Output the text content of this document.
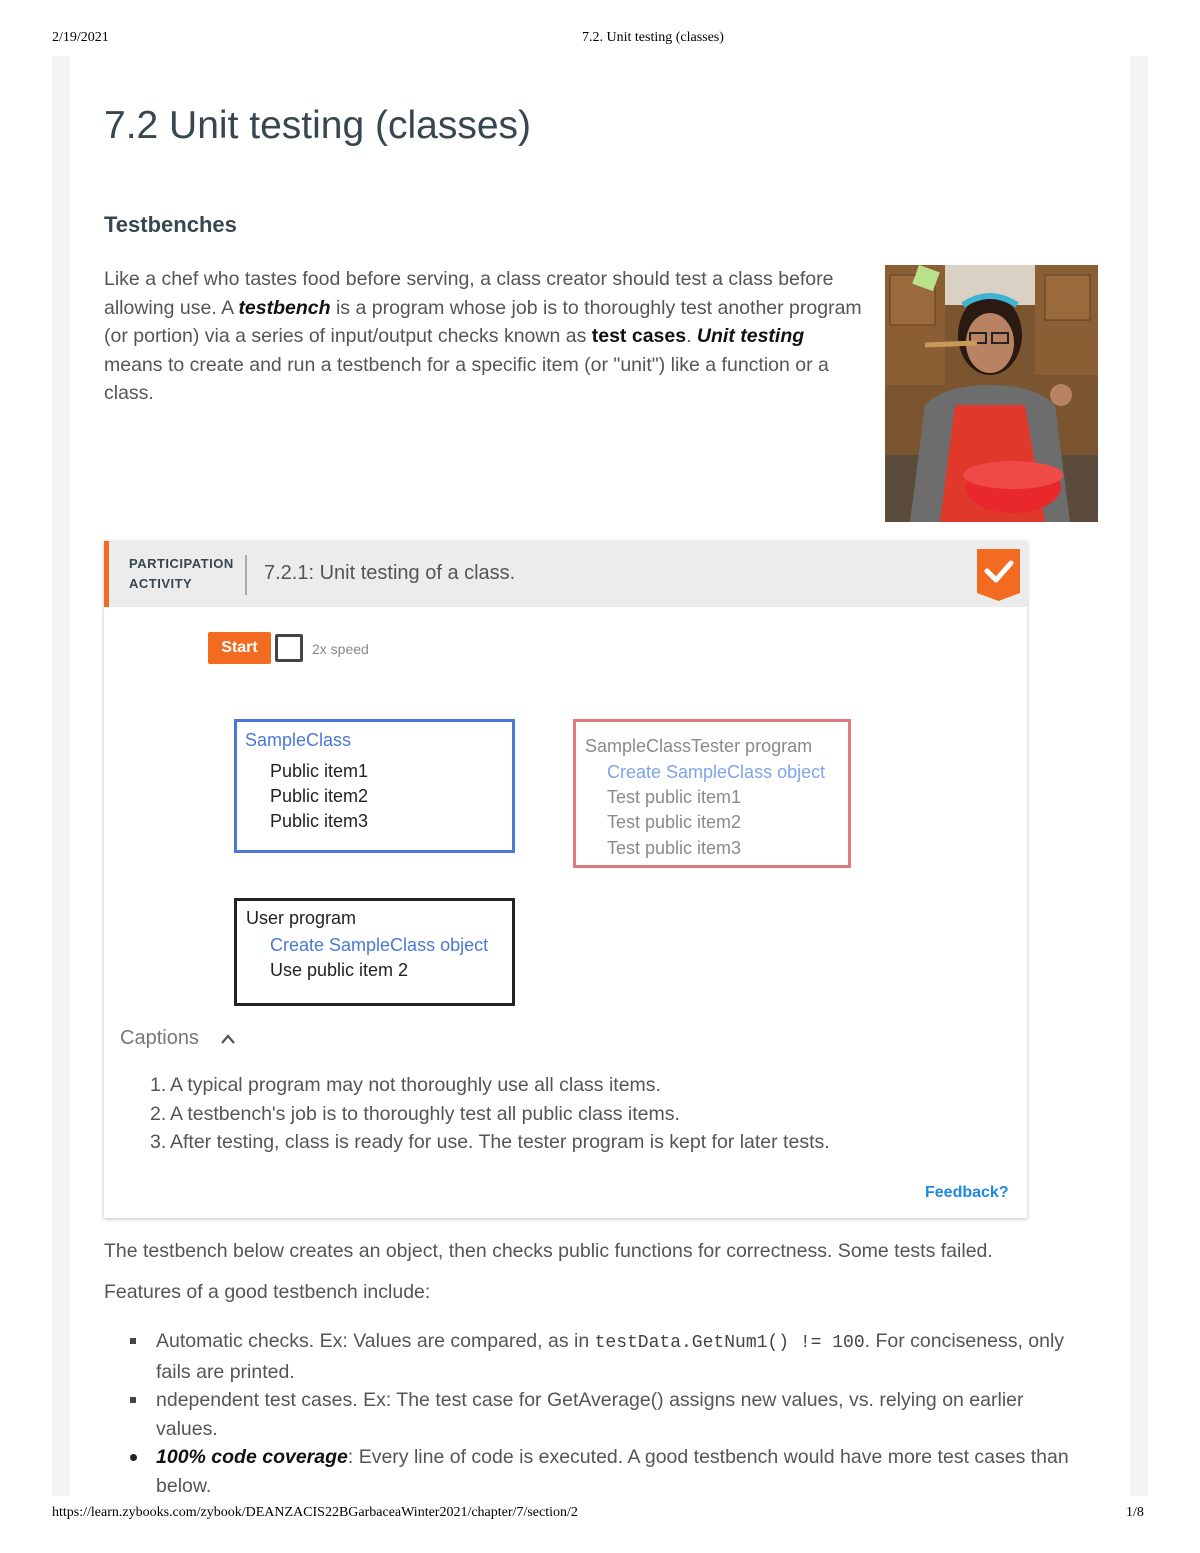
2/19/2021	7.2. Unit testing (classes)
7.2 Unit testing (classes)
Testbenches

Like a chef who tastes food before serving, a class creator should test a class before allowing use. A testbench is a program whose job is to thoroughly test another program (or portion) via a series of input/output checks known as test cases. Unit testing means to create and run a testbench for a specific item (or "unit") like a function or a class.

PARTICIPATION
ACTIVITY	7.2.1: Unit testing of a class.
Start	2x speed
SampleClass
Public item1
Public item2
Public item3
SampleClassTester program
Create SampleClass object
Test public item1
Test public item2
Test public item3
User program
Create SampleClass object
Use public item 2
Captions
1. A typical program may not thoroughly use all class items.
2. A testbench's job is to thoroughly test all public class items.
3. After testing, class is ready for use. The tester program is kept for later tests.
Feedback?

The testbench below creates an object, then checks public functions for correctness. Some tests failed.

Features of a good testbench include:

Automatic checks. Ex: Values are compared, as in testData.GetNum1() != 100. For conciseness, only fails are printed.
ndependent test cases. Ex: The test case for GetAverage() assigns new values, vs. relying on earlier values.
100% code coverage: Every line of code is executed. A good testbench would have more test cases than below.
https://learn.zybooks.com/zybook/DEANZACIS22BGarbaceaWinter2021/chapter/7/section/2	1/8
